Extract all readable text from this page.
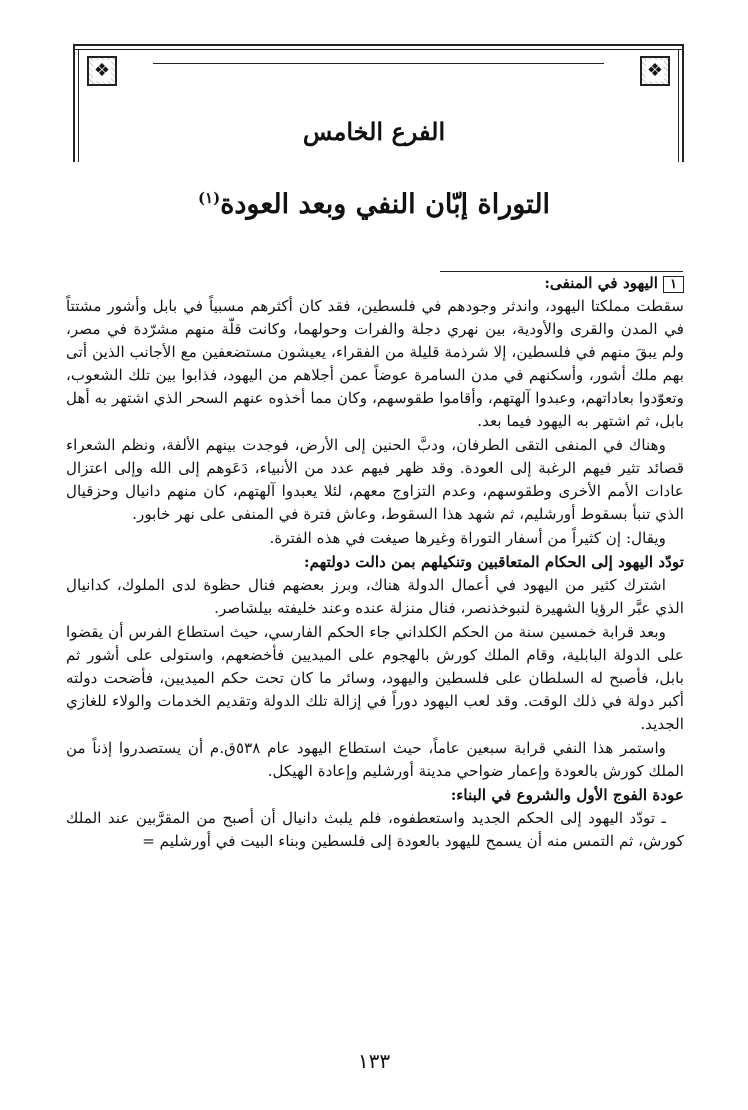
❖	❖
الفرع الخامس
التوراة إبّان النفي وبعد العودة$^{(١)}$
١اليهود في المنفى:

سقطت مملكتا اليهود، واندثر وجودهم في فلسطين، فقد كان أكثرهم مسبياً في بابل وأشور مشتتاً في المدن والقرى والأودية، بين نهري دجلة والفرات وحولهما، وكانت قلّة منهم مشرّدة في مصر، ولم يبقَ منهم في فلسطين، إلا شرذمة قليلة من الفقراء، يعيشون مستضعفين مع الأجانب الذين أتى بهم ملك أشور، وأسكنهم في مدن السامرة عوضاً عمن أجلاهم من اليهود، فذابوا بين تلك الشعوب، وتعوّدوا بعاداتهم، وعبدوا آلهتهم، وأقاموا طقوسهم، وكان مما أخذوه عنهم السحر الذي اشتهر به أهل بابل، ثم اشتهر به اليهود فيما بعد.

وهناك في المنفى التقى الطرفان، ودبَّ الحنين إلى الأرض، فوجدت بينهم الألفة، ونظم الشعراء قصائد تثير فيهم الرغبة إلى العودة. وقد ظهر فيهم عدد من الأنبياء، دَعَوهم إلى الله وإلى اعتزال عادات الأمم الأخرى وطقوسهم، وعدم التزاوج معهم، لئلا يعبدوا آلهتهم، كان منهم دانيال وحزقيال الذي تنبأ بسقوط أورشليم، ثم شهد هذا السقوط، وعاش فترة في المنفى على نهر خابور.

ويقال: إن كثيراً من أسفار التوراة وغيرها صيغت في هذه الفترة.

تودّد اليهود إلى الحكام المتعاقبين وتنكيلهم بمن دالت دولتهم:

اشترك كثير من اليهود في أعمال الدولة هناك، وبرز بعضهم فنال حظوة لدى الملوك، كدانيال الذي عبَّر الرؤيا الشهيرة لنبوخذنصر، فنال منزلة عنده وعند خليفته بيلشاصر.

وبعد قرابة خمسين سنة من الحكم الكلداني جاء الحكم الفارسي، حيث استطاع الفرس أن يقضوا على الدولة البابلية، وقام الملك كورش بالهجوم على الميديين فأخضعهم، واستولى على أشور ثم بابل، فأصبح له السلطان على فلسطين واليهود، وسائر ما كان تحت حكم الميديين، فأضحت دولته أكبر دولة في ذلك الوقت. وقد لعب اليهود دوراً في إزالة تلك الدولة وتقديم الخدمات والولاء للغازي الجديد.

واستمر هذا النفي قرابة سبعين عاماً، حيث استطاع اليهود عام ٥٣٨ق.م أن يستصدروا إذناً من الملك كورش بالعودة وإعمار ضواحي مدينة أورشليم وإعادة الهيكل.

عودة الفوج الأول والشروع في البناء:

ـ تودّد اليهود إلى الحكم الجديد واستعطفوه، فلم يلبث دانيال أن أصبح من المقرَّبين عند الملك كورش، ثم التمس منه أن يسمح لليهود بالعودة إلى فلسطين وبناء البيت في أورشليم =

١٣٣
